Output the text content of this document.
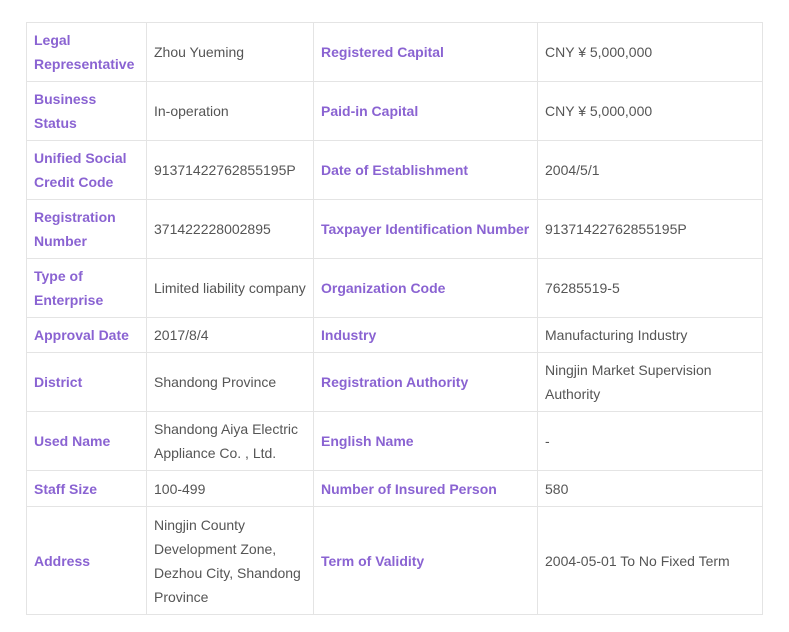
Legal Representative	Zhou Yueming	Registered Capital	CNY ¥ 5,000,000
Business Status	In-operation	Paid-in Capital	CNY ¥ 5,000,000
Unified Social Credit Code	91371422762855195P	Date of Establishment	2004/5/1
Registration Number	371422228002895	Taxpayer Identification Number	91371422762855195P
Type of Enterprise	Limited liability company	Organization Code	76285519-5
Approval Date	2017/8/4	Industry	Manufacturing Industry
District	Shandong Province	Registration Authority	Ningjin Market Supervision Authority
Used Name	Shandong Aiya Electric Appliance Co. , Ltd.	English Name	-
Staff Size	100-499	Number of Insured Person	580
Address	Ningjin County Development Zone, Dezhou City, Shandong Province	Term of Validity	2004-05-01 To No Fixed Term
